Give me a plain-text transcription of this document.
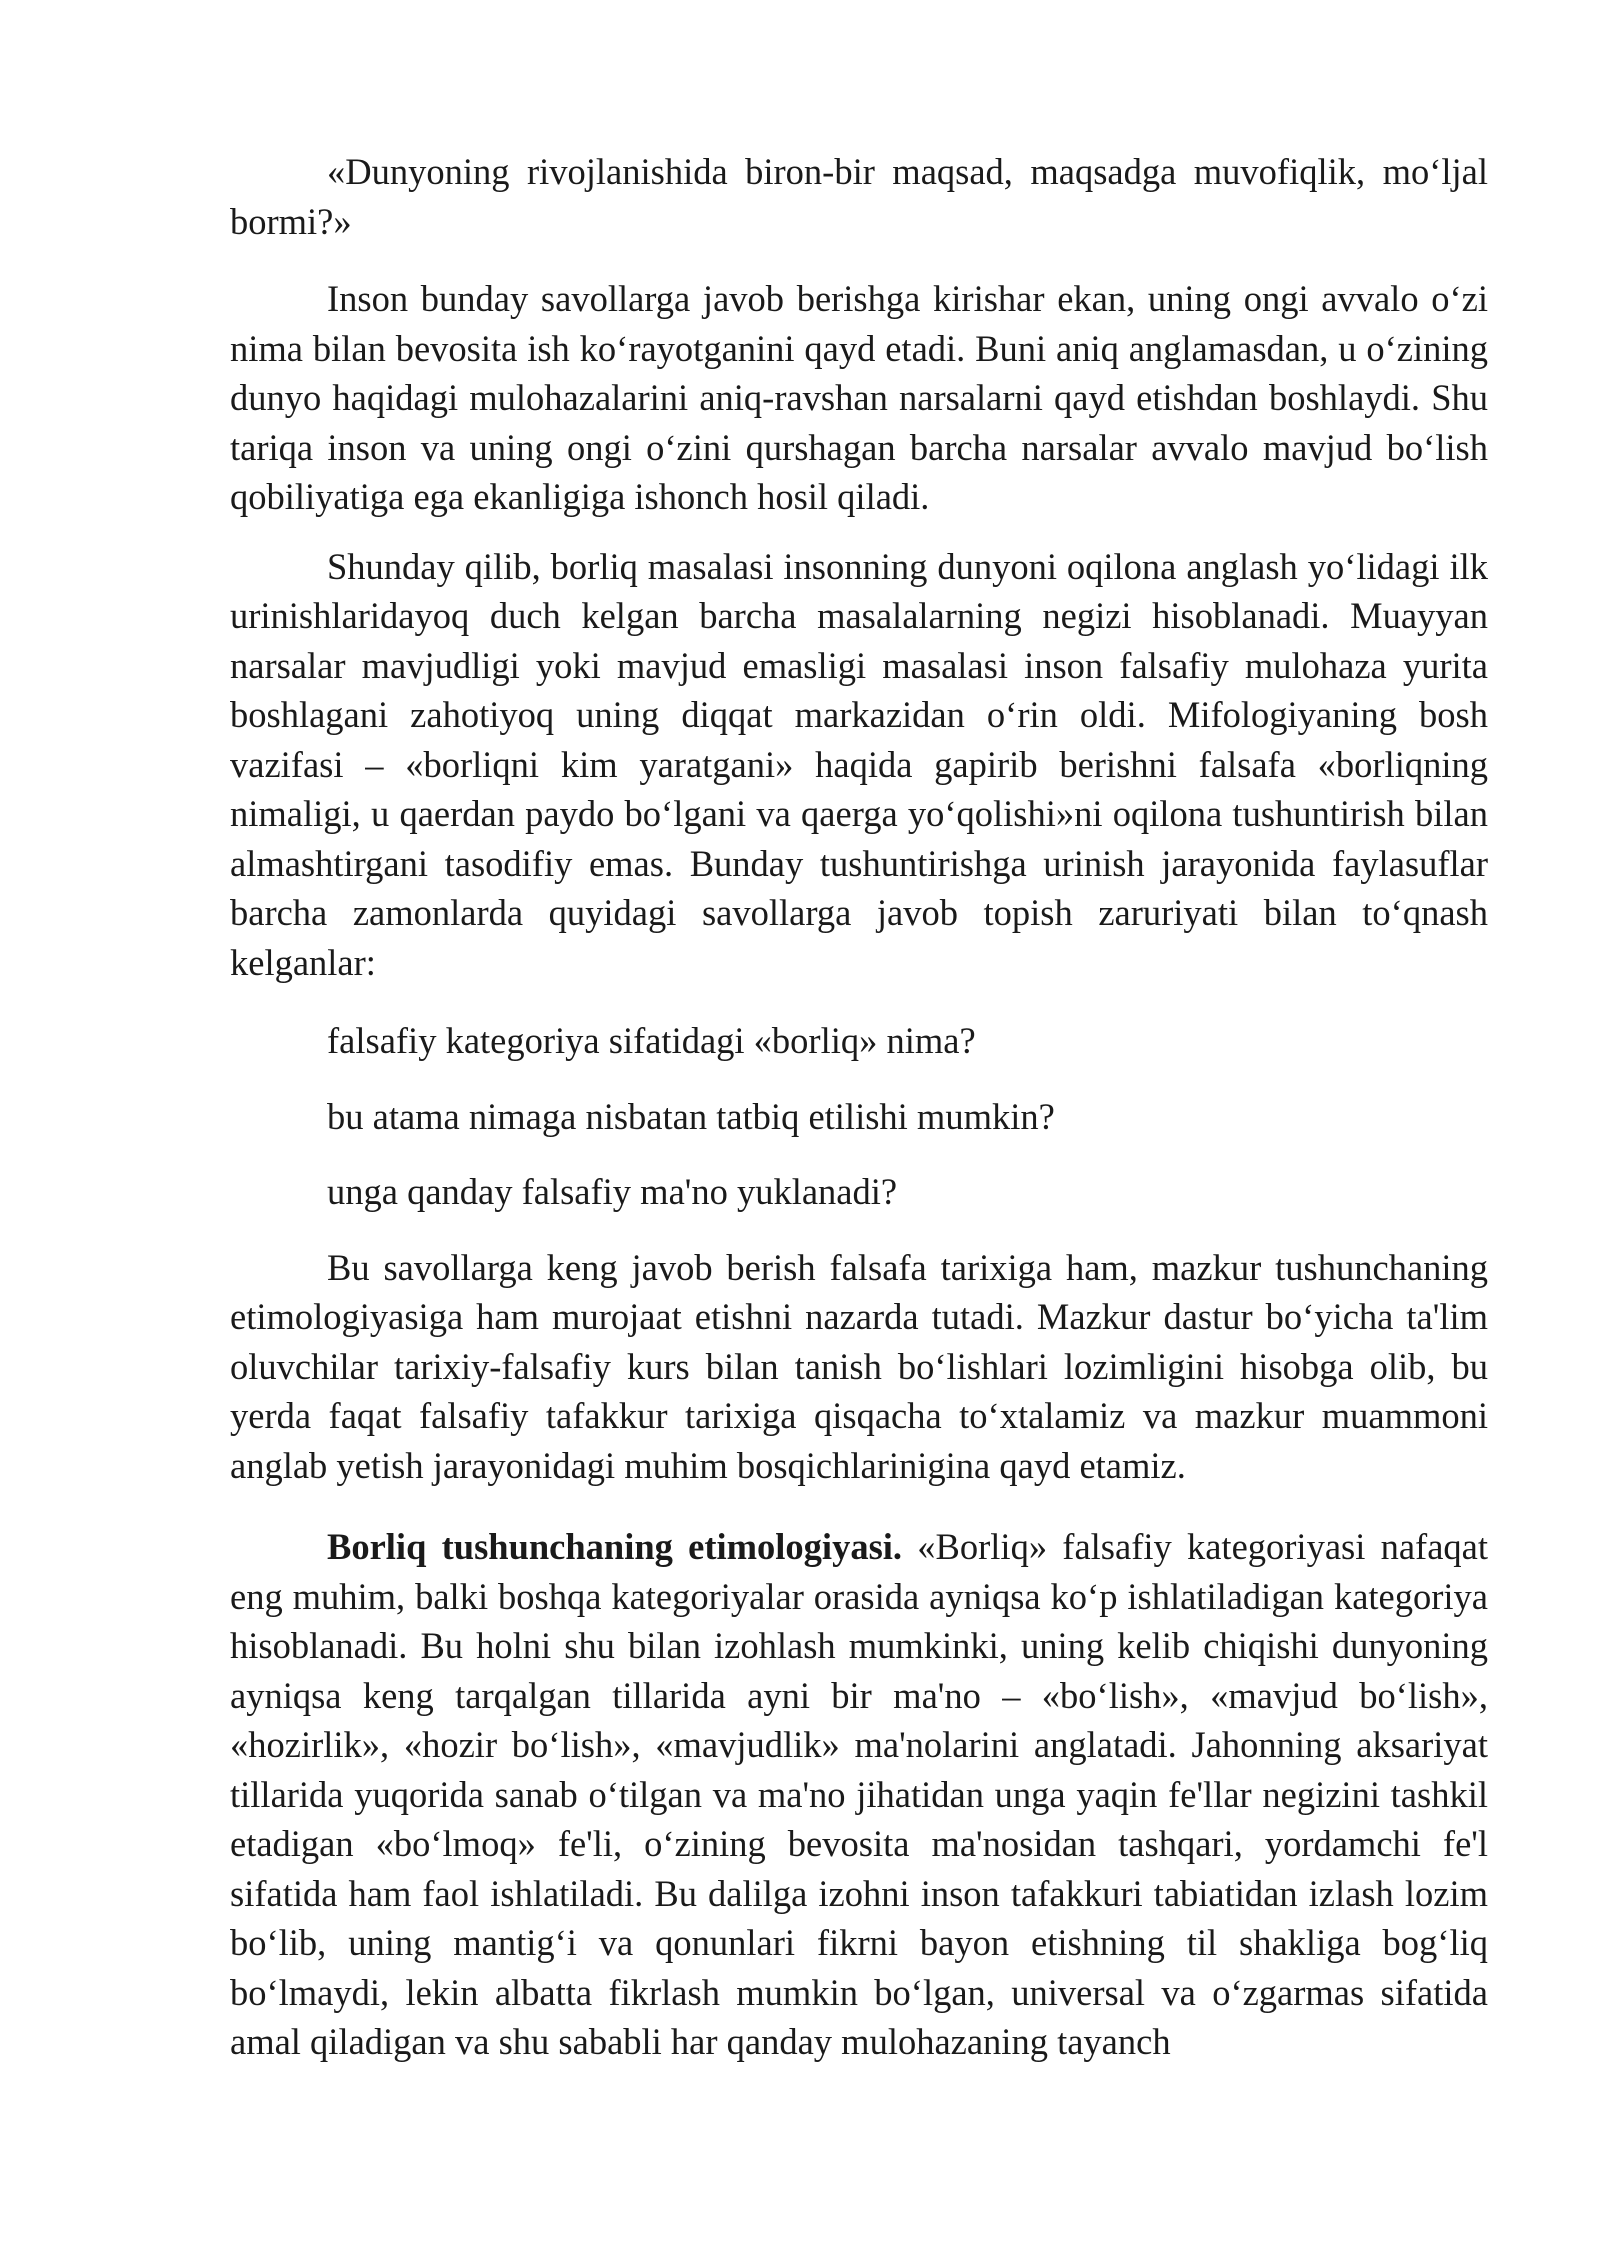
«Dunyoning rivojlanishida biron-bir maqsad, maqsadga muvofiqlik, mo‘ljal bormi?»

Inson bunday savollarga javob berishga kirishar ekan, uning ongi avvalo o‘zi nima bilan bevosita ish ko‘rayotganini qayd etadi. Buni aniq anglamasdan, u o‘zining dunyo haqidagi mulohazalarini aniq-ravshan narsalarni qayd etishdan boshlaydi. Shu tariqa inson va uning ongi o‘zini qurshagan barcha narsalar avvalo mavjud bo‘lish qobiliyatiga ega ekanligiga ishonch hosil qiladi.

Shunday qilib, borliq masalasi insonning dunyoni oqilona anglash yo‘lidagi ilk urinishlaridayoq duch kelgan barcha masalalarning negizi hisoblanadi. Muayyan narsalar mavjudligi yoki mavjud emasligi masalasi inson falsafiy mulohaza yurita boshlagani zahotiyoq uning diqqat markazidan o‘rin oldi. Mifologiyaning bosh vazifasi – «borliqni kim yaratgani» haqida gapirib berishni falsafa «borliqning nimaligi, u qaerdan paydo bo‘lgani va qaerga yo‘qolishi»ni oqilona tushuntirish bilan almashtirgani tasodifiy emas. Bunday tushuntirishga urinish jarayonida faylasuflar barcha zamonlarda quyidagi savollarga javob topish zaruriyati bilan to‘qnash kelganlar:

falsafiy kategoriya sifatidagi «borliq» nima?

bu atama nimaga nisbatan tatbiq etilishi mumkin?

unga qanday falsafiy ma'no yuklanadi?

Bu savollarga keng javob berish falsafa tarixiga ham, mazkur tushunchaning etimologiyasiga ham murojaat etishni nazarda tutadi. Mazkur dastur bo‘yicha ta'lim oluvchilar tarixiy-falsafiy kurs bilan tanish bo‘lishlari lozimligini hisobga olib, bu yerda faqat falsafiy tafakkur tarixiga qisqacha to‘xtalamiz va mazkur muammoni anglab yetish jarayonidagi muhim bosqichlarinigina qayd etamiz.

Borliq tushunchaning etimologiyasi. «Borliq» falsafiy kategoriyasi nafaqat eng muhim, balki boshqa kategoriyalar orasida ayniqsa ko‘p ishlatiladigan kategoriya hisoblanadi. Bu holni shu bilan izohlash mumkinki, uning kelib chiqishi dunyoning ayniqsa keng tarqalgan tillarida ayni bir ma'no – «bo‘lish», «mavjud bo‘lish», «hozirlik», «hozir bo‘lish», «mavjudlik» ma'nolarini anglatadi. Jahonning aksariyat tillarida yuqorida sanab o‘tilgan va ma'no jihatidan unga yaqin fe'llar negizini tashkil etadigan «bo‘lmoq» fe'li, o‘zining bevosita ma'nosidan tashqari, yordamchi fe'l sifatida ham faol ishlatiladi. Bu dalilga izohni inson tafakkuri tabiatidan izlash lozim bo‘lib, uning mantig‘i va qonunlari fikrni bayon etishning til shakliga bog‘liq bo‘lmaydi, lekin albatta fikrlash mumkin bo‘lgan, universal va o‘zgarmas sifatida amal qiladigan va shu sababli har qanday mulohazaning tayanch
